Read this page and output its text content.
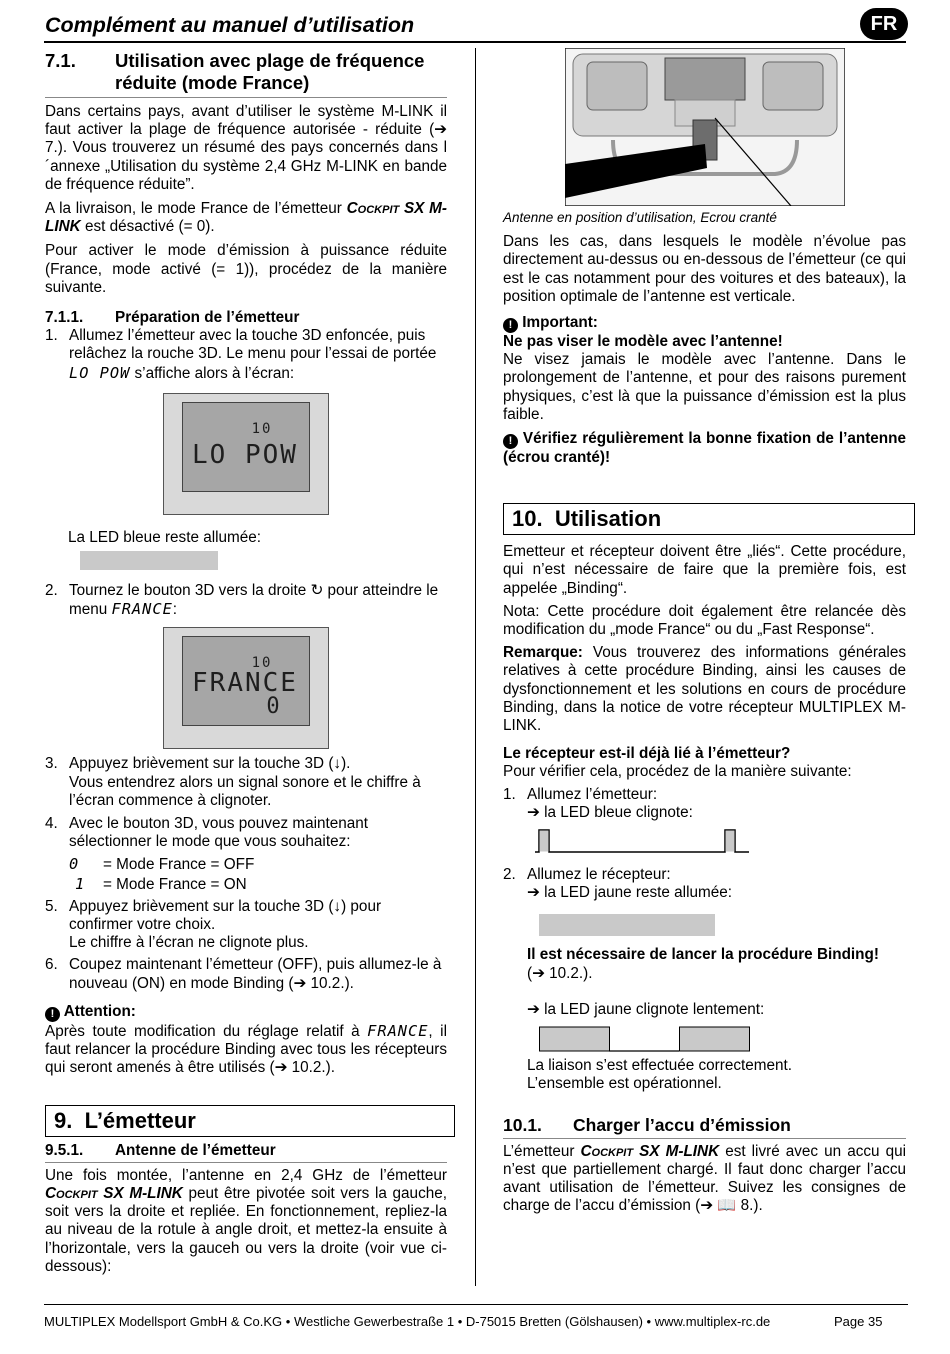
Complément au manuel d’utilisation	FR
7.1. Utilisation avec plage de fréquence
réduite (mode France)

Dans certains pays, avant d’utiliser le système M-LINK il faut activer la plage de fréquence autorisée - réduite (➔ 7.). Vous trouverez un résumé des pays concernés dans l´annexe „Utilisation du système 2,4 GHz M-LINK en bande de fréquence réduite”.

A la livraison, le mode France de l’émetteur Cockpit SX M-LINK est désactivé (= 0).

Pour activer le mode d’émission à puissance réduite (France, mode activé (= 1)), procédez de la manière suivante.

7.1.1. Préparation de l’émetteur
1. Allumez l’émetteur avec la touche 3D enfoncée, puis relâchez la rouche 3D. Le menu pour l’essai de portée LO POW s’affiche alors à l’écran:
10
LO POW

La LED bleue reste allumée:

2. Tournez le bouton 3D vers la droite ↻ pour atteindre le menu FRANCE:
10
FRANCE
0
3. Appuyez brièvement sur la touche 3D (↓).
Vous entendrez alors un signal sonore et le chiffre à l’écran commence à clignoter.
4. Avec le bouton 3D, vous pouvez maintenant sélectionner le mode que vous souhaitez:
0 = Mode France = OFF
1 = Mode France = ON
5. Appuyez brièvement sur la touche 3D (↓) pour confirmer votre choix.
Le chiffre à l’écran ne clignote plus.
6. Coupez maintenant l’émetteur (OFF), puis allumez-le à nouveau (ON) en mode Binding (➔ 10.2.).
! Attention:

Après toute modification du réglage relatif à FRANCE, il faut relancer la procédure Binding avec tous les récepteurs qui seront amenés à être utilisés (➔ 10.2.).

9. L’émetteur
9.5.1. Antenne de l’émetteur

Une fois montée, l’antenne en 2,4 GHz de l’émetteur Cockpit SX M-LINK peut être pivotée soit vers la gauche, soit vers la droite et repliée. En fonctionnement, repliez-la au niveau de la rotule à angle droit, et mettez-la ensuite à l’horizontale, vers la gauceh ou vers la droite (voir vue ci-dessous):

Antenne en position d’utilisation, Ecrou cranté

Dans les cas, dans lesquels le modèle n’évolue pas directement au-dessus ou en-dessous de l’émetteur (ce qui est le cas notamment pour des voitures et des bateaux), la position optimale de l’antenne est verticale.

! Important:

Ne pas viser le modèle avec l’antenne!

Ne visez jamais le modèle avec l’antenne. Dans le prolongement de l’antenne, et pour des raisons purement physiques, c’est là que la puissance d’émission est la plus faible.

! Vérifiez régulièrement la bonne fixation de l’antenne (écrou cranté)!

10. Utilisation

Emetteur et récepteur doivent être „liés“. Cette procédure, qui n’est nécessaire de faire que la première fois, est appelée „Binding“.

Nota: Cette procédure doit également être relancée dès modification du „mode France“ ou du „Fast Response“.

Remarque: Vous trouverez des informations générales relatives à cette procédure Binding, ainsi les causes de dysfonctionnement et les solutions en cours de procédure Binding, dans la notice de votre récepteur MULTIPLEX M-LINK.

Le récepteur est-il déjà lié à l’émetteur?

Pour vérifier cela, procédez de la manière suivante:

1. Allumez l’émetteur:
➔ la LED bleue clignote:
2. Allumez le récepteur:
➔ la LED jaune reste allumée:

Il est nécessaire de lancer la procédure Binding!

(➔ 10.2.).

➔ la LED jaune clignote lentement:

La liaison s’est effectuée correctement.

L’ensemble est opérationnel.

10.1. Charger l’accu d’émission

L’émetteur Cockpit SX M-LINK est livré avec un accu qui n’est que partiellement chargé. Il faut donc charger l’accu avant utilisation de l’émetteur. Suivez les consignes de charge de l’accu d’émission (➔ 📖 8.).

MULTIPLEX Modellsport GmbH & Co.KG • Westliche Gewerbestraße 1 • D-75015 Bretten (Gölshausen) • www.multiplex-rc.de	Page 35
